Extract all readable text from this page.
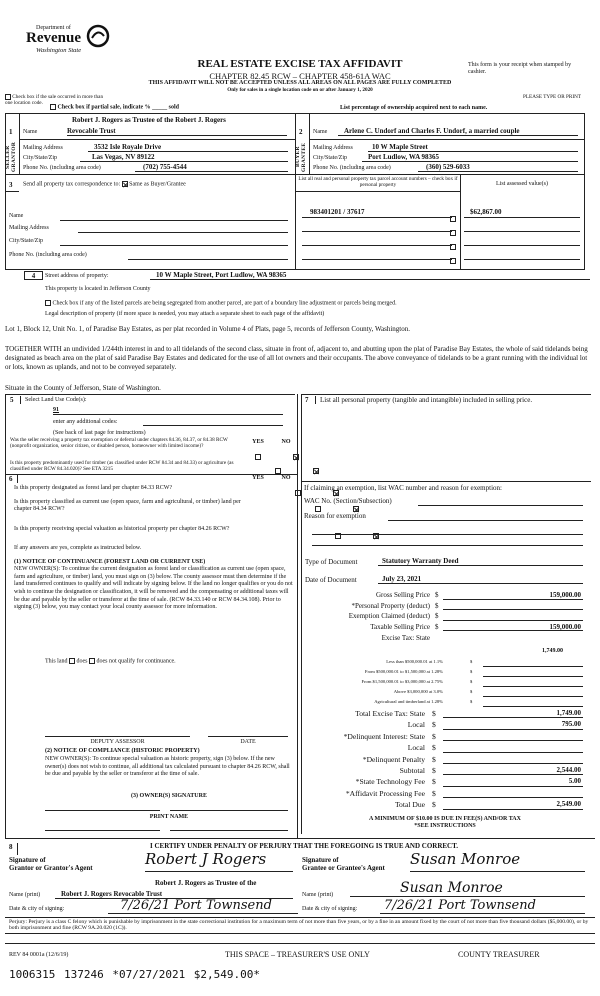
Department of
Revenue
Washington State
REAL ESTATE EXCISE TAX AFFIDAVIT
CHAPTER 82.45 RCW – CHAPTER 458-61A WAC
THIS AFFIDAVIT WILL NOT BE ACCEPTED UNLESS ALL AREAS ON ALL PAGES ARE FULLY COMPLETED
Only for sales in a single location code on or after January 1, 2020
This form is your receipt when stamped by cashier.
PLEASE TYPE OR PRINT
Check box if the sale occurred in more than one location code.
Check box if partial sale, indicate % _____ sold	List percentage of ownership acquired next to each name.
1
SELLER GRANTOR
Name
Robert J. Rogers as Trustee of the Robert J. Rogers
Revocable Trust
Mailing Address	3532 Isle Royale Drive
City/State/Zip	Las Vegas, NV 89122
Phone No. (including area code)	(702) 755-4544
2
BUYER GRANTEE
Name	Arlene C. Undorf and Charles F. Undorf, a married couple
Mailing Address	10 W Maple Street
City/State/Zip	Port Ludlow, WA 98365
Phone No. (including area code)	(360) 529-6033
3 Send all property tax correspondence to: Same as Buyer/Grantee
Name
Mailing Address
City/State/Zip
Phone No. (including area code)
List all real and personal property tax parcel account numbers – check box if personal property	List assessed value(s)
983401201 / 37617	$62,867.00
4	Street address of property:	10 W Maple Street, Port Ludlow, WA 98365
This property is located in Jefferson County
Check box if any of the listed parcels are being segregated from another parcel, are part of a boundary line adjustment or parcels being merged.
Legal description of property (if more space is needed, you may attach a separate sheet to each page of the affidavit)
Lot 1, Block 12, Unit No. 1, of Paradise Bay Estates, as per plat recorded in Volume 4 of Plats, page 5, records of Jefferson County, Washington.
TOGETHER WITH an undivided 1/244th interest in and to all tidelands of the second class, situate in front of, adjacent to, and abutting upon the plat of Paradise Bay Estates, the whole of said tidelands being designated as beach area on the plat of said Paradise Bay Estates and dedicated for the use of all lot owners and their occupants. The above conveyance of tidelands to be a grant running with the individual lot or lots, known as uplands, and not to be conveyed separately.
Situate in the County of Jefferson, State of Washington.
5	Select Land Use Code(s):
91
enter any additional codes:
(See back of last page for instructions)
YES	NO
Was the seller receiving a property tax exemption or deferral under chapters 84.36, 84.37, or 84.38 RCW (nonprofit organization, senior citizen, or disabled person, homeowner with limited income)?

Is this property predominantly used for timber (as classified under RCW 84.34 and 84.33) or agriculture (as classified under RCW 84.34.020)? See ETA 3215

6	YES	NO
Is this property designated as forest land per chapter 84.33 RCW?

Is this property classified as current use (open space, farm and agricultural, or timber) land per chapter 84.34 RCW?

Is this property receiving special valuation as historical property per chapter 84.26 RCW?

If any answers are yes, complete as instructed below.
(1) NOTICE OF CONTINUANCE (FOREST LAND OR CURRENT USE)
NEW OWNER(S): To continue the current designation as forest land or classification as current use (open space, farm and agriculture, or timber) land, you must sign on (3) below. The county assessor must then determine if the land transferred continues to qualify and will indicate by signing below. If the land no longer qualifies or you do not wish to continue the designation or classification, it will be removed and the compensating or additional taxes will be due and payable by the seller or transferor at the time of sale. (RCW 84.33.140 or RCW 84.34.108). Prior to signing (3) below, you may contact your local county assessor for more information.
This land does does not qualify for continuance.
DEPUTY ASSESSOR	DATE
(2) NOTICE OF COMPLIANCE (HISTORIC PROPERTY)
NEW OWNER(S): To continue special valuation as historic property, sign (3) below. If the new owner(s) does not wish to continue, all additional tax calculated pursuant to chapter 84.26 RCW, shall be due and payable by the seller or transferor at the time of sale.
(3) OWNER(S) SIGNATURE
PRINT NAME
7	List all personal property (tangible and intangible) included in selling price.
If claiming an exemption, list WAC number and reason for exemption:
WAC No. (Section/Subsection)
Reason for exemption
Type of Document	Statutory Warranty Deed
Date of Document	July 23, 2021
Gross Selling Price $	159,000.00
*Personal Property (deduct) $
Exemption Claimed (deduct) $
Taxable Selling Price $	159,000.00
Excise Tax: State
1,749.00
Less than $500,000.01 at 1.1%	$
From $500,000.01 to $1,500,000 at 1.28%	$
From $1,500,000.01 to $3,000,000 at 2.75%	$
Above $3,000,000 at 3.0%	$
Agricultural and timberland at 1.28%	$
Total Excise Tax: State $	1,749.00
Local $	795.00
*Delinquent Interest: State $
Local $
*Delinquent Penalty $
Subtotal $	2,544.00
*State Technology Fee $	5.00
*Affidavit Processing Fee $
Total Due $	2,549.00
A MINIMUM OF $10.00 IS DUE IN FEE(S) AND/OR TAX
*SEE INSTRUCTIONS
8	I CERTIFY UNDER PENALTY OF PERJURY THAT THE FOREGOING IS TRUE AND CORRECT.
Signature of
Grantor or Grantor's Agent	Robert J Rogers	Signature of
Grantee or Grantee's Agent Susan Monroe
Robert J. Rogers as Trustee of the
Name (print)	Robert J. Rogers Revocable Trust
Date & city of signing:	7/26/21 Port Townsend
Name (print)	Susan Monroe
Date & city of signing:	7/26/21 Port Townsend
Perjury: Perjury is a class C felony which is punishable by imprisonment in the state correctional institution for a maximum term of not more than five years, or by a fine in an amount fixed by the court of not more than five thousand dollars ($5,000.00), or by both imprisonment and fine (RCW 9A.20.020 (1C)).
REV 84 0001a (12/6/19)	THIS SPACE – TREASURER'S USE ONLY	COUNTY TREASURER
1006315 137246 *07/27/2021 $2,549.00*
